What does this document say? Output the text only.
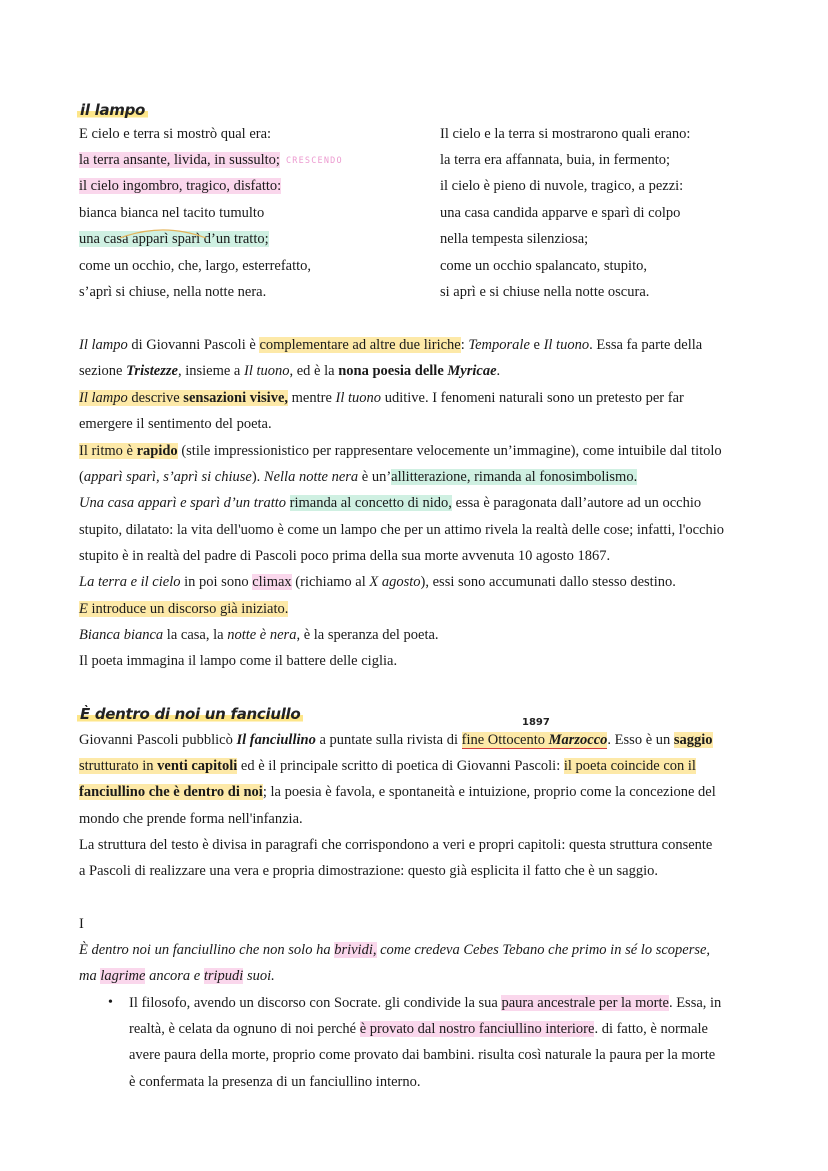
il lampo
E cielo e terra si mostrò qual era:
la terra ansante, livida, in sussulto; CRESCENDO
il cielo ingombro, tragico, disfatto:
bianca bianca nel tacito tumulto
una casa apparì sparì d’un tratto;
come un occhio, che, largo, esterrefatto,
s’aprì si chiuse, nella notte nera.
Il cielo e la terra si mostrarono quali erano:
la terra era affannata, buia, in fermento;
il cielo è pieno di nuvole, tragico, a pezzi:
una casa candida apparve e sparì di colpo
nella tempesta silenziosa;
come un occhio spalancato, stupito,
si aprì e si chiuse nella notte oscura.
Il lampo di Giovanni Pascoli è complementare ad altre due liriche: Temporale e Il tuono. Essa fa parte della
sezione Tristezze, insieme a Il tuono, ed è la nona poesia delle Myricae.
Il lampo descrive sensazioni visive, mentre Il tuono uditive. I fenomeni naturali sono un pretesto per far
emergere il sentimento del poeta.
Il ritmo è rapido (stile impressionistico per rappresentare velocemente un’immagine), come intuibile dal titolo
(apparì sparì, s’aprì si chiuse). Nella notte nera è un’allitterazione, rimanda al fonosimbolismo.
Una casa apparì e sparì d’un tratto rimanda al concetto di nido, essa è paragonata dall’autore ad un occhio
stupito, dilatato: la vita dell'uomo è come un lampo che per un attimo rivela la realtà delle cose; infatti, l'occhio
stupito è in realtà del padre di Pascoli poco prima della sua morte avvenuta 10 agosto 1867.
La terra e il cielo in poi sono climax (richiamo al X agosto), essi sono accumunati dallo stesso destino.
E introduce un discorso già iniziato.
Bianca bianca la casa, la notte è nera, è la speranza del poeta.
Il poeta immagina il lampo come il battere delle ciglia.
È dentro di noi un fanciullo	1897
Giovanni Pascoli pubblicò Il fanciullino a puntate sulla rivista di fine Ottocento Marzocco. Esso è un saggio
strutturato in venti capitoli ed è il principale scritto di poetica di Giovanni Pascoli: il poeta coincide con il
fanciullino che è dentro di noi; la poesia è favola, e spontaneità e intuizione, proprio come la concezione del
mondo che prende forma nell'infanzia.
La struttura del testo è divisa in paragrafi che corrispondono a veri e propri capitoli: questa struttura consente
a Pascoli di realizzare una vera e propria dimostrazione: questo già esplicita il fatto che è un saggio.
I
È dentro noi un fanciullino che non solo ha brividi, come credeva Cebes Tebano che primo in sé lo scoperse,
ma lagrime ancora e tripudi suoi.
• Il filosofo, avendo un discorso con Socrate. gli condivide la sua paura ancestrale per la morte. Essa, in
realtà, è celata da ognuno di noi perché è provato dal nostro fanciullino interiore. di fatto, è normale
avere paura della morte, proprio come provato dai bambini. risulta così naturale la paura per la morte
è confermata la presenza di un fanciullino interno.
